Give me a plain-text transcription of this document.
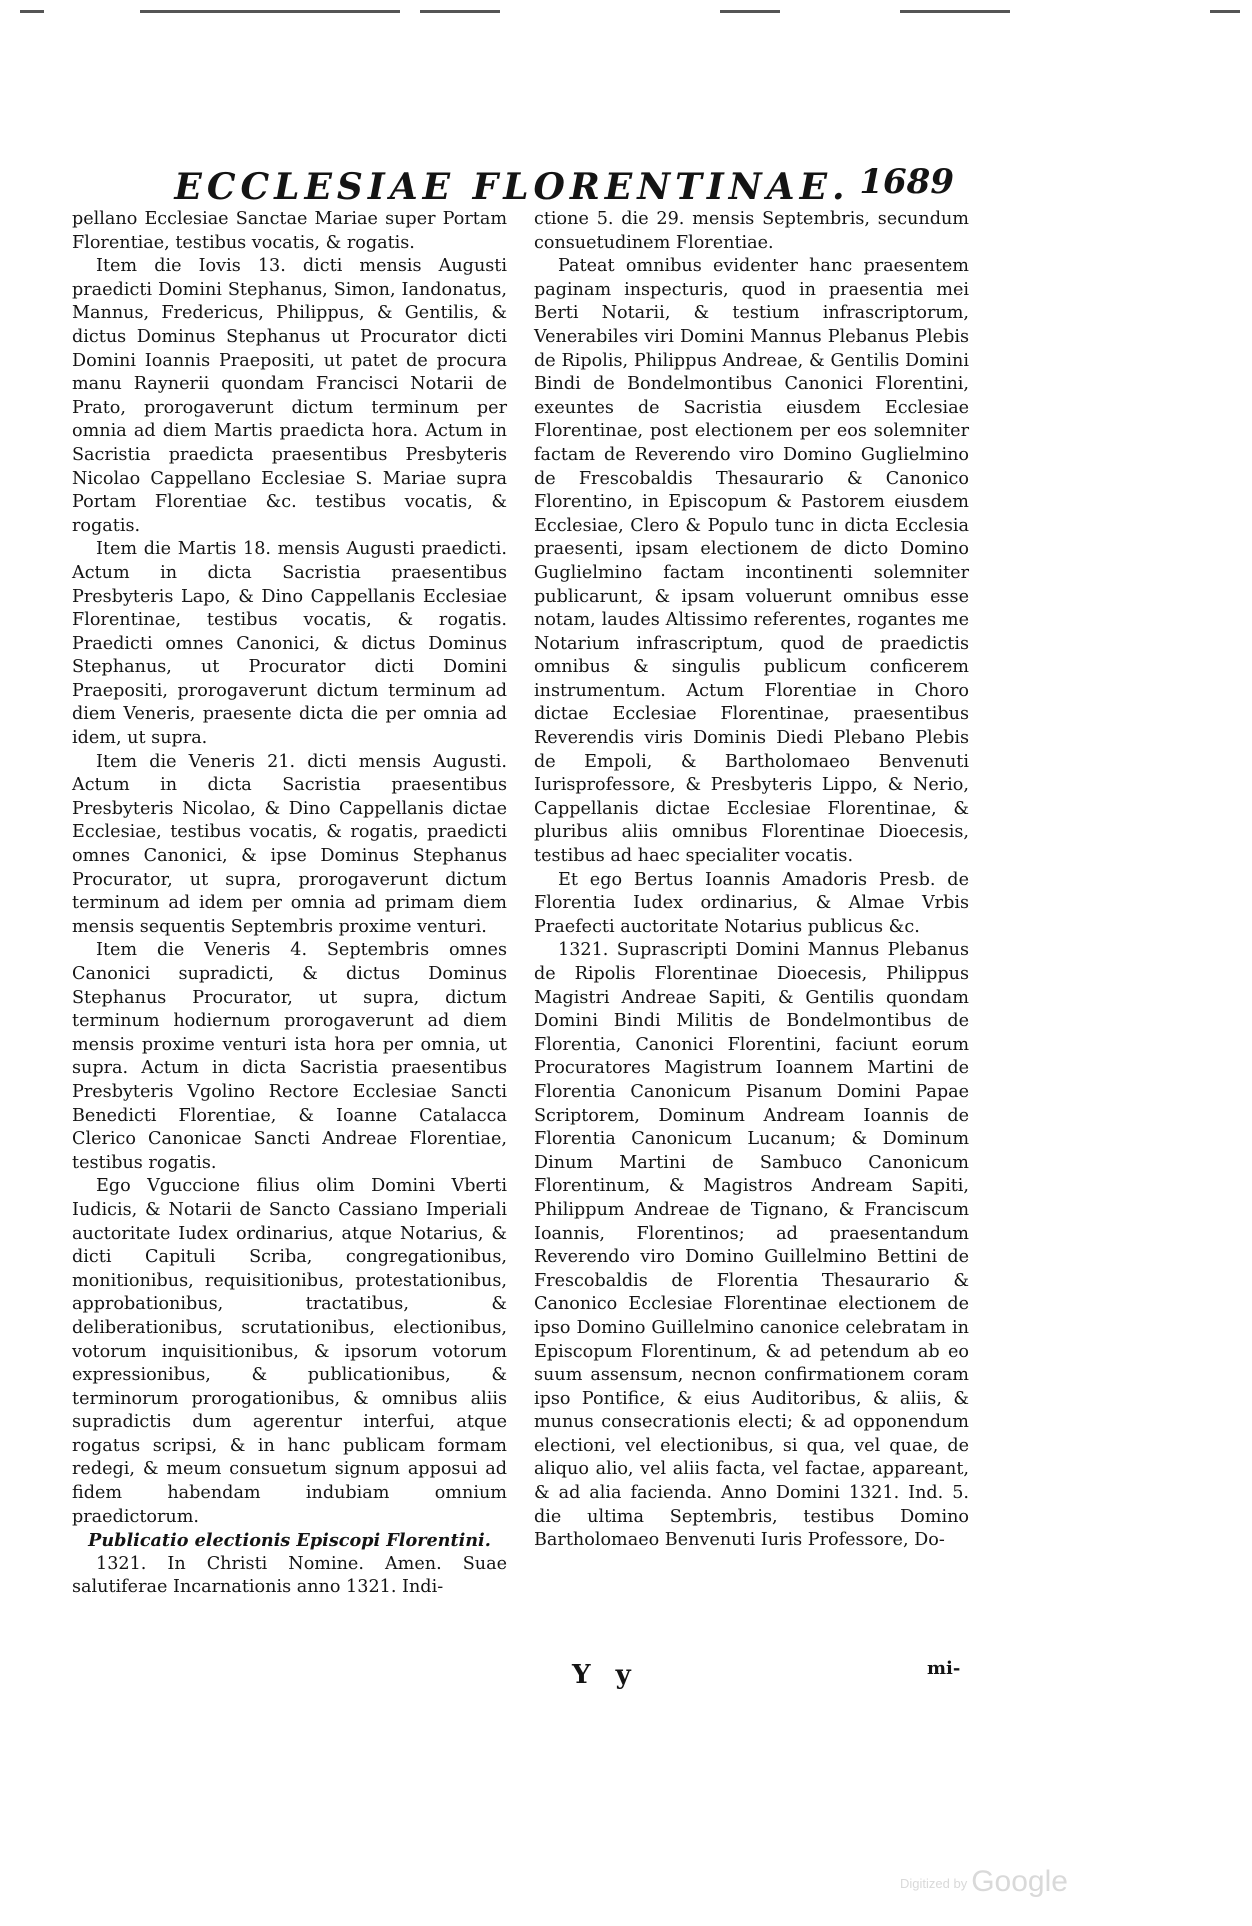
ECCLESIAE FLORENTINAE. 1689

pellano Ecclesiae Sanctae Mariae super Portam Florentiae, testibus vocatis, & rogatis.

Item die Iovis 13. dicti mensis Augusti praedicti Domini Stephanus, Simon, Iandonatus, Mannus, Fredericus, Philippus, & Gentilis, & dictus Dominus Stephanus ut Procurator dicti Domini Ioannis Praepositi, ut patet de procura manu Raynerii quondam Francisci Notarii de Prato, prorogaverunt dictum terminum per omnia ad diem Martis praedicta hora. Actum in Sacristia praedicta praesentibus Presbyteris Nicolao Cappellano Ecclesiae S. Mariae supra Portam Florentiae &c. testibus vocatis, & rogatis.

Item die Martis 18. mensis Augusti praedicti. Actum in dicta Sacristia praesentibus Presbyteris Lapo, & Dino Cappellanis Ecclesiae Florentinae, testibus vocatis, & rogatis. Praedicti omnes Canonici, & dictus Dominus Stephanus, ut Procurator dicti Domini Praepositi, prorogaverunt dictum terminum ad diem Veneris, praesente dicta die per omnia ad idem, ut supra.

Item die Veneris 21. dicti mensis Augusti. Actum in dicta Sacristia praesentibus Presbyteris Nicolao, & Dino Cappellanis dictae Ecclesiae, testibus vocatis, & rogatis, praedicti omnes Canonici, & ipse Dominus Stephanus Procurator, ut supra, prorogaverunt dictum terminum ad idem per omnia ad primam diem mensis sequentis Septembris proxime venturi.

Item die Veneris 4. Septembris omnes Canonici supradicti, & dictus Dominus Stephanus Procurator, ut supra, dictum terminum hodiernum prorogaverunt ad diem mensis proxime venturi ista hora per omnia, ut supra. Actum in dicta Sacristia praesentibus Presbyteris Vgolino Rectore Ecclesiae Sancti Benedicti Florentiae, & Ioanne Catalacca Clerico Canonicae Sancti Andreae Florentiae, testibus rogatis.

Ego Vguccione filius olim Domini Vberti Iudicis, & Notarii de Sancto Cassiano Imperiali auctoritate Iudex ordinarius, atque Notarius, & dicti Capituli Scriba, congregationibus, monitionibus, requisitionibus, protestationibus, approbationibus, tractatibus, & deliberationibus, scrutationibus, electionibus, votorum inquisitionibus, & ipsorum votorum expressionibus, & publicationibus, & terminorum prorogationibus, & omnibus aliis supradictis dum agerentur interfui, atque rogatus scripsi, & in hanc publicam formam redegi, & meum consuetum signum apposui ad fidem habendam indubiam omnium praedictorum.

Publicatio electionis Episcopi Florentini.

1321. In Christi Nomine. Amen. Suae salutiferae Incarnationis anno 1321. Indi-

ctione 5. die 29. mensis Septembris, secundum consuetudinem Florentiae.

Pateat omnibus evidenter hanc praesentem paginam inspecturis, quod in praesentia mei Berti Notarii, & testium infrascriptorum, Venerabiles viri Domini Mannus Plebanus Plebis de Ripolis, Philippus Andreae, & Gentilis Domini Bindi de Bondelmontibus Canonici Florentini, exeuntes de Sacristia eiusdem Ecclesiae Florentinae, post electionem per eos solemniter factam de Reverendo viro Domino Guglielmino de Frescobaldis Thesaurario & Canonico Florentino, in Episcopum & Pastorem eiusdem Ecclesiae, Clero & Populo tunc in dicta Ecclesia praesenti, ipsam electionem de dicto Domino Guglielmino factam incontinenti solemniter publicarunt, & ipsam voluerunt omnibus esse notam, laudes Altissimo referentes, rogantes me Notarium infrascriptum, quod de praedictis omnibus & singulis publicum conficerem instrumentum. Actum Florentiae in Choro dictae Ecclesiae Florentinae, praesentibus Reverendis viris Dominis Diedi Plebano Plebis de Empoli, & Bartholomaeo Benvenuti Iurisprofessore, & Presbyteris Lippo, & Nerio, Cappellanis dictae Ecclesiae Florentinae, & pluribus aliis omnibus Florentinae Dioecesis, testibus ad haec specialiter vocatis.

Et ego Bertus Ioannis Amadoris Presb. de Florentia Iudex ordinarius, & Almae Vrbis Praefecti auctoritate Notarius publicus &c.

1321. Suprascripti Domini Mannus Plebanus de Ripolis Florentinae Dioecesis, Philippus Magistri Andreae Sapiti, & Gentilis quondam Domini Bindi Militis de Bondelmontibus de Florentia, Canonici Florentini, faciunt eorum Procuratores Magistrum Ioannem Martini de Florentia Canonicum Pisanum Domini Papae Scriptorem, Dominum Andream Ioannis de Florentia Canonicum Lucanum; & Dominum Dinum Martini de Sambuco Canonicum Florentinum, & Magistros Andream Sapiti, Philippum Andreae de Tignano, & Franciscum Ioannis, Florentinos; ad praesentandum Reverendo viro Domino Guillelmino Bettini de Frescobaldis de Florentia Thesaurario & Canonico Ecclesiae Florentinae electionem de ipso Domino Guillelmino canonice celebratam in Episcopum Florentinum, & ad petendum ab eo suum assensum, necnon confirmationem coram ipso Pontifice, & eius Auditoribus, & aliis, & munus consecrationis electi; & ad opponendum electioni, vel electionibus, si qua, vel quae, de aliquo alio, vel aliis facta, vel factae, appareant, & ad alia facienda. Anno Domini 1321. Ind. 5. die ultima Septembris, testibus Domino Bartholomaeo Benvenuti Iuris Professore, Do-

Y y	mi-
Digitized by Google
